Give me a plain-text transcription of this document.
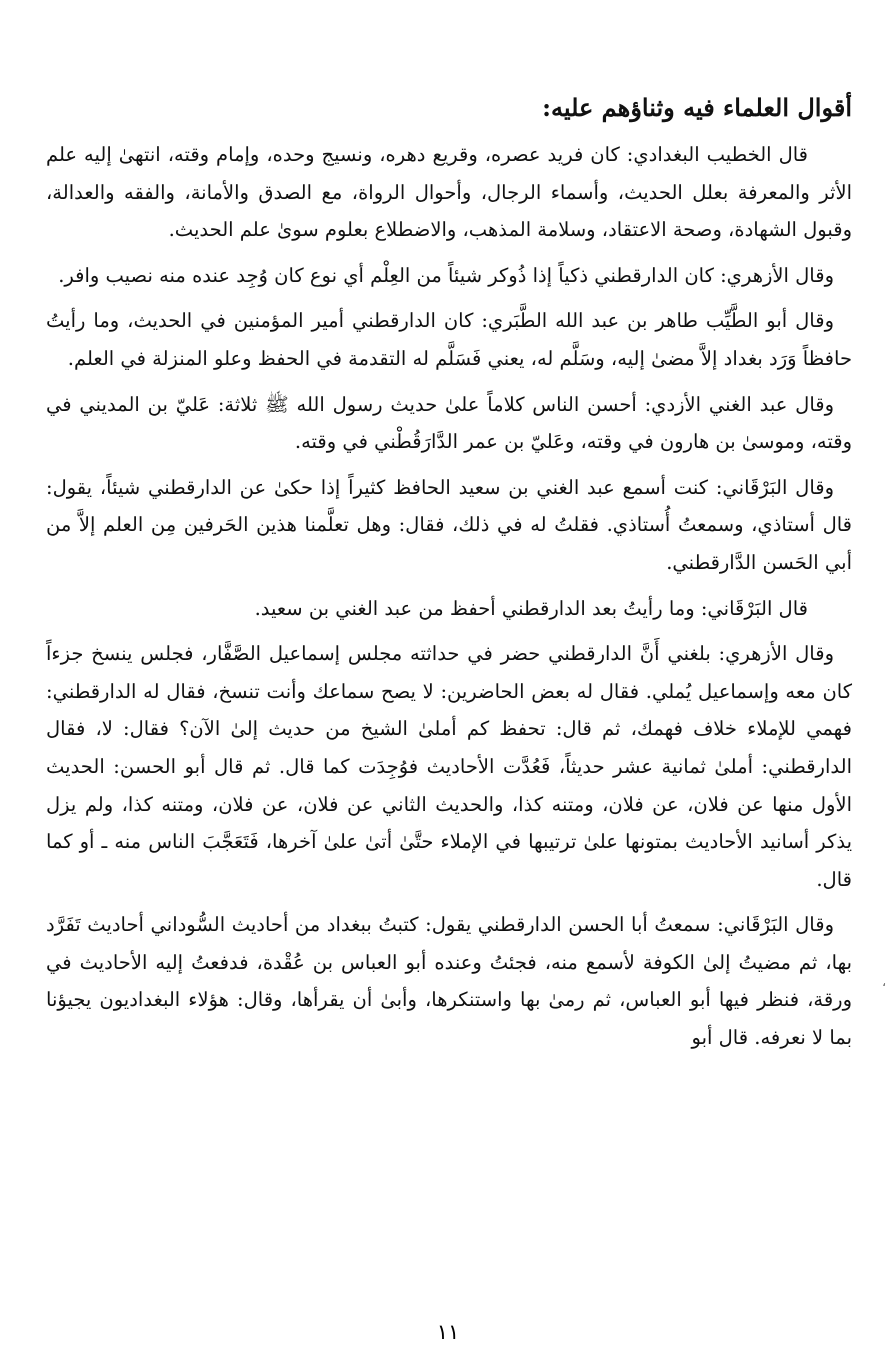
أقوال العلماء فيه وثناؤهم عليه:

قال الخطيب البغدادي: كان فريد عصره، وقريع دهره، ونسيج وحده، وإمام وقته، انتهىٰ إليه علم الأثر والمعرفة بعلل الحديث، وأسماء الرجال، وأحوال الرواة، مع الصدق والأمانة، والفقه والعدالة، وقبول الشهادة، وصحة الاعتقاد، وسلامة المذهب، والاضطلاع بعلوم سوىٰ علم الحديث.

وقال الأزهري: كان الدارقطني ذكياً إذا ذُوكر شيئاً من العِلْم أي نوع كان وُجِد عنده منه نصيب وافر.

وقال أبو الطَّيِّب طاهر بن عبد الله الطَّبَري: كان الدارقطني أمير المؤمنين في الحديث، وما رأيتُ حافظاً وَرَد بغداد إلاَّ مضىٰ إليه، وسَلَّم له، يعني فَسَلَّم له التقدمة في الحفظ وعلو المنزلة في العلم.

وقال عبد الغني الأزدي: أحسن الناس كلاماً علىٰ حديث رسول الله ﷺ ثلاثة: عَليّ بن المديني في وقته، وموسىٰ بن هارون في وقته، وعَليّ بن عمر الدَّارَقُطْني في وقته.

وقال البَرْقَاني: كنت أسمع عبد الغني بن سعيد الحافظ كثيراً إذا حكىٰ عن الدارقطني شيئاً، يقول: قال أستاذي، وسمعتُ أُستاذي. فقلتُ له في ذلك، فقال: وهل تعلَّمنا هذين الحَرفين مِن العلم إلاَّ من أبي الحَسن الدَّارقطني.

قال البَرْقَاني: وما رأيتُ بعد الدارقطني أحفظ من عبد الغني بن سعيد.

وقال الأزهري: بلغني أَنَّ الدارقطني حضر في حداثته مجلس إسماعيل الصَّفَّار، فجلس ينسخ جزءاً كان معه وإسماعيل يُملي. فقال له بعض الحاضرين: لا يصح سماعك وأنت تنسخ، فقال له الدارقطني: فهمي للإملاء خلاف فهمك، ثم قال: تحفظ كم أملىٰ الشيخ من حديث إلىٰ الآن؟ فقال: لا، فقال الدارقطني: أملىٰ ثمانية عشر حديثاً، فَعُدَّت الأحاديث فوُجِدَت كما قال. ثم قال أبو الحسن: الحديث الأول منها عن فلان، عن فلان، ومتنه كذا، والحديث الثاني عن فلان، عن فلان، ومتنه كذا، ولم يزل يذكر أسانيد الأحاديث بمتونها علىٰ ترتيبها في الإملاء حتَّىٰ أتىٰ علىٰ آخرها، فَتَعَجَّبَ الناس منه ـ أو كما قال.

وقال البَرْقَاني: سمعتُ أبا الحسن الدارقطني يقول: كتبتُ ببغداد من أحاديث السُّوداني أحاديث تَفَرَّد بها، ثم مضيتُ إلىٰ الكوفة لأسمع منه، فجئتُ وعنده أبو العباس بن عُقْدة، فدفعتُ إليه الأحاديث في ورقة، فنظر فيها أبو العباس، ثم رمىٰ بها واستنكرها، وأبىٰ أن يقرأها، وقال: هؤلاء البغداديون يجيؤنا بما لا نعرفه. قال أبو

،
١١
